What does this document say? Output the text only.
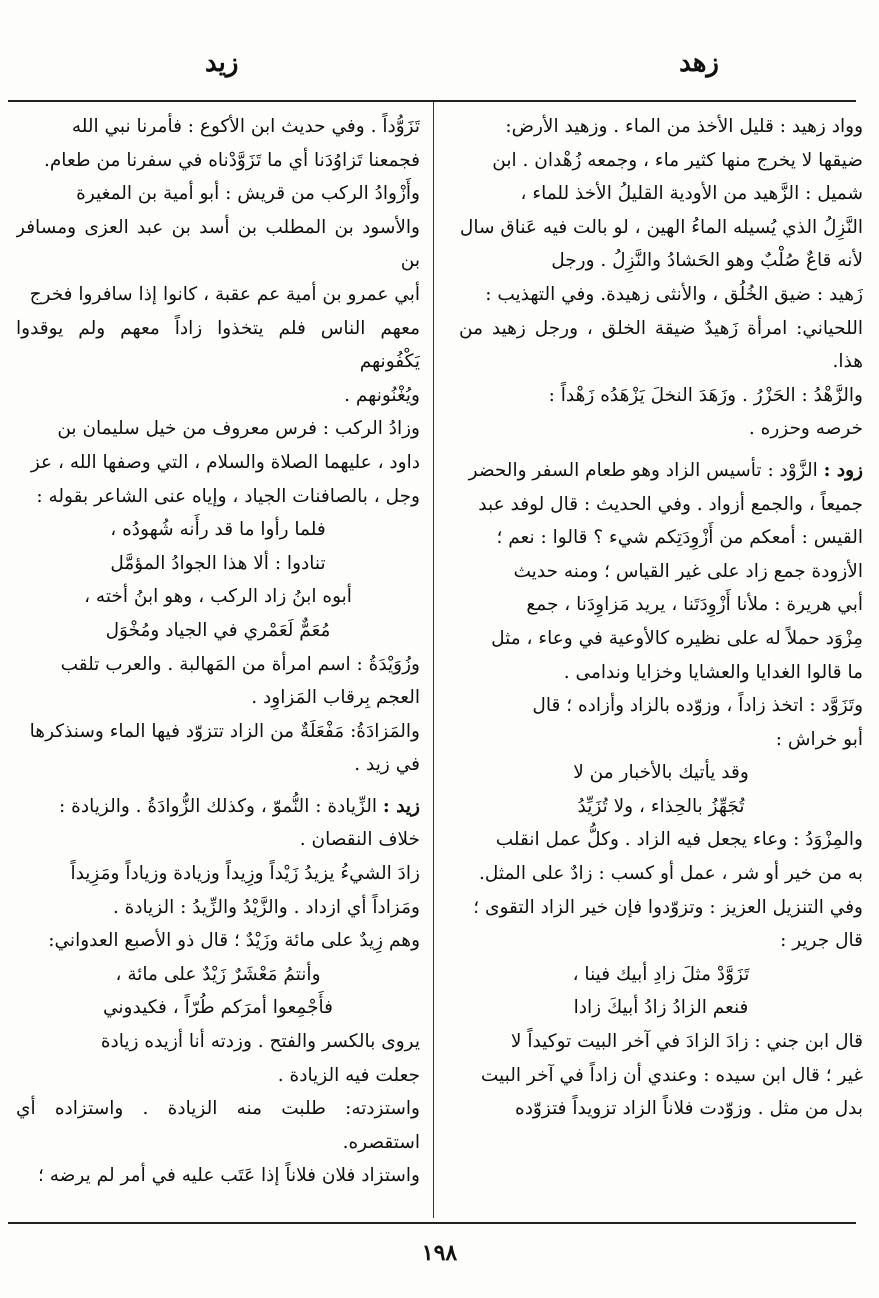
زهد
زيد

وواد زهيد : قليل الأخذ من الماء . وزهيد الأرض:

ضيقها لا يخرج منها كثير ماء ، وجمعه زُهْدان . ابن

شميل : الزَّهيد من الأودية القليلُ الأخذ للماء ،

النَّزِلُ الذي يُسيله الماءُ الهين ، لو بالت فيه عَناق سال

لأنه قاعٌ صُلْبٌ وهو الحَشادُ والنَّزِلُ . ورجل

زَهيد : ضيق الخُلُق ، والأنثى زهيدة. وفي التهذيب :

اللحياني: امرأة زَهيدٌ ضيقة الخلق ، ورجل زهيد من هذا.

والزَّهْدُ : الحَزْرُ . وزَهَدَ النخلَ يَزْهَدُه زَهْداً :

خرصه وحزره .

زود : الزَّوْد : تأسيس الزاد وهو طعام السفر والحضر

جميعاً ، والجمع أزواد . وفي الحديث : قال لوفد عبد

القيس : أمعكم من أَزْوِدَتِكم شيء ؟ قالوا : نعم ؛

الأزودة جمع زاد على غير القياس ؛ ومنه حديث

أبي هريرة : ملأنا أَزْوِدَتَنا ، يريد مَزاوِدَنا ، جمع

مِزْوَد حملاً له على نظيره كالأوعية في وعاء ، مثل

ما قالوا الغدايا والعشايا وخزايا وندامى .

وتَزَوَّد : اتخذ زاداً ، وزوّده بالزاد وأزاده ؛ قال

أبو خراش :

وقد يأتيك بالأخبار من لا

تُجَهِّزُ بالحِذاء ، ولا تُزَيِّدُ

والمِزْوَدُ : وعاء يجعل فيه الزاد . وكلُّ عمل انقلب

به من خير أو شر ، عمل أو كسب : زادٌ على المثل.

وفي التنزيل العزيز : وتزوّدوا فإن خير الزاد التقوى ؛

قال جرير :

تَزَوَّدْ مثلَ زادِ أبيك فينا ،

فنعم الزادُ زادُ أبيكَ زادا

قال ابن جني : زادَ الزادَ في آخر البيت توكيداً لا

غير ؛ قال ابن سيده : وعندي أن زاداً في آخر البيت

بدل من مثل . وزوّدت فلاناً الزاد تزويداً فتزوّده

تَزَوُّداً . وفي حديث ابن الأكوع : فأمرنا نبي الله

فجمعنا تَزاوُدَنا أي ما تَزَوَّدْناه في سفرنا من طعام.

وأَزْوادُ الركب من قريش : أبو أمية بن المغيرة

والأسود بن المطلب بن أسد بن عبد العزى ومسافر بن

أبي عمرو بن أمية عم عقبة ، كانوا إذا سافروا فخرج

معهم الناس فلم يتخذوا زاداً معهم ولم يوقدوا يَكْفُونهم

ويُغْنُونهم .

وزادُ الركب : فرس معروف من خيل سليمان بن

داود ، عليهما الصلاة والسلام ، التي وصفها الله ، عز

وجل ، بالصافنات الجياد ، وإياه عنى الشاعر بقوله :

فلما رأوا ما قد رأَنه شُهودُه ،

تنادوا : ألا هذا الجوادُ المؤمَّل

أبوه ابنُ زاد الركب ، وهو ابنُ أخته ،

مُعَمٌّ لَعَمْري في الجياد ومُخْوَل

وزُوَيْدَةُ : اسم امرأة من المَهالبة . والعرب تلقب

العجم بِرقاب المَزاوِد .

والمَزادَةُ: مَفْعَلَةٌ من الزاد تتزوّد فيها الماء وسنذكرها

في زيد .

زيد : الزِّيادة : النُّموّ ، وكذلك الزُّوادَةُ . والزيادة :

خلاف النقصان .

زادَ الشيءُ يزيدُ زَيْداً وزِيداً وزيادة وزياداً ومَزِيداً

ومَزاداً أي ازداد . والزَّيْدُ والزِّيدُ : الزيادة .

وهم زِيدٌ على مائة وزَيْدٌ ؛ قال ذو الأصبع العدواني:

وأنتمُ مَعْشَرٌ زَيْدٌ على مائة ،

فأَجْمِعوا أمرَكم طُرّاً ، فكيدوني

يروى بالكسر والفتح . وزدته أنا أزيده زيادة

جعلت فيه الزيادة .

واستزدته: طلبت منه الزيادة . واستزاده أي استقصره.

واستزاد فلان فلاناً إذا عَتَب عليه في أمر لم يرضه ؛

١٩٨
